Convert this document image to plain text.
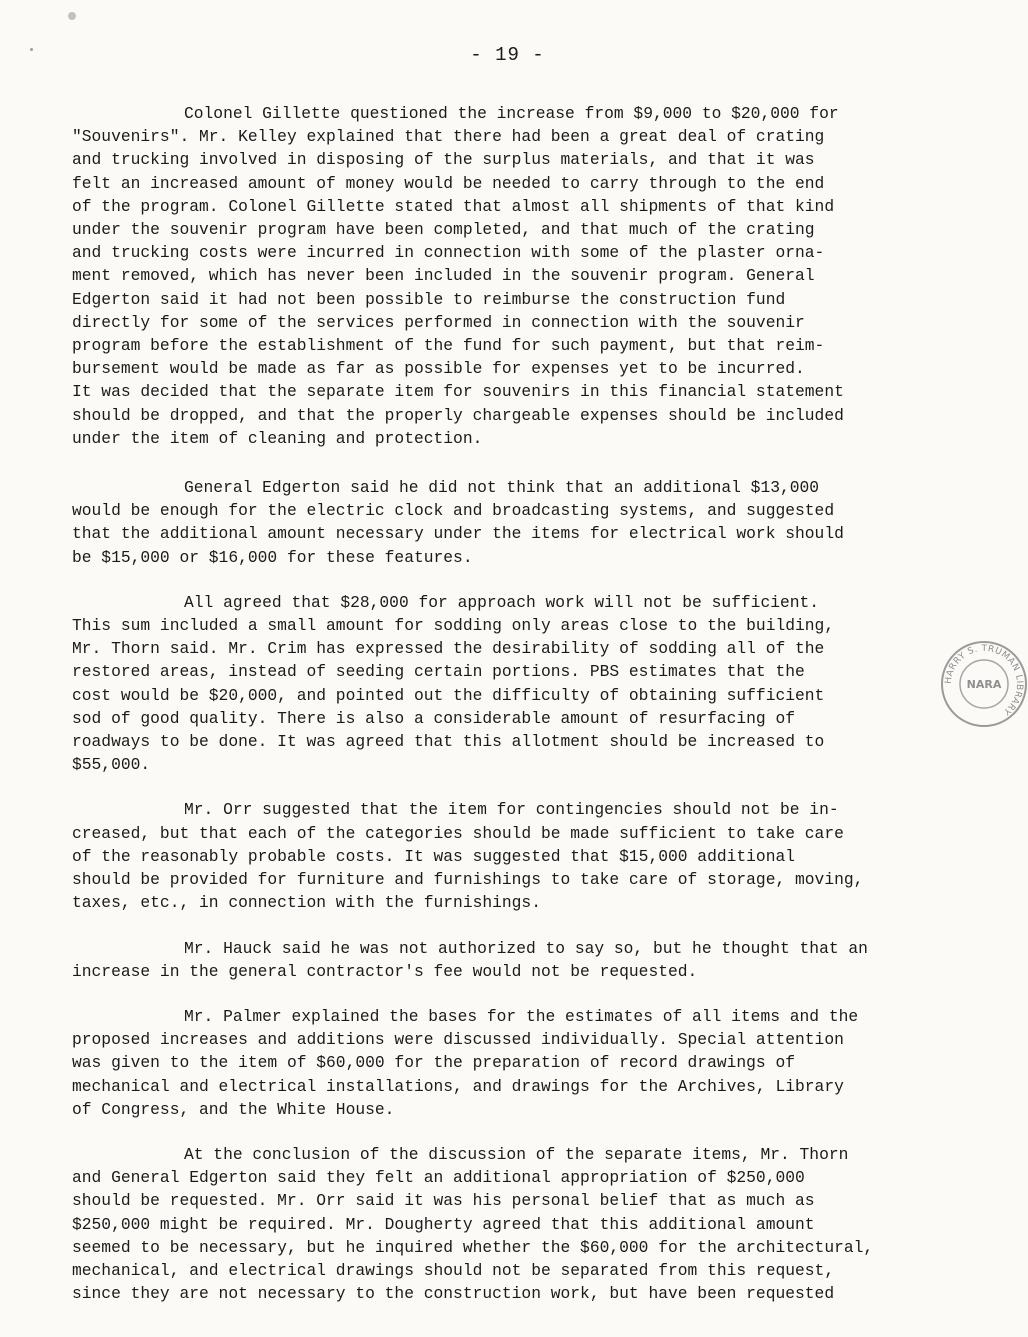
- 19 -
Colonel Gillette questioned the increase from $9,000 to $20,000 for
"Souvenirs". Mr. Kelley explained that there had been a great deal of crating
and trucking involved in disposing of the surplus materials, and that it was
felt an increased amount of money would be needed to carry through to the end
of the program. Colonel Gillette stated that almost all shipments of that kind
under the souvenir program have been completed, and that much of the crating
and trucking costs were incurred in connection with some of the plaster orna-
ment removed, which has never been included in the souvenir program. General
Edgerton said it had not been possible to reimburse the construction fund
directly for some of the services performed in connection with the souvenir
program before the establishment of the fund for such payment, but that reim-
bursement would be made as far as possible for expenses yet to be incurred.
It was decided that the separate item for souvenirs in this financial statement
should be dropped, and that the properly chargeable expenses should be included
under the item of cleaning and protection.
General Edgerton said he did not think that an additional $13,000
would be enough for the electric clock and broadcasting systems, and suggested
that the additional amount necessary under the items for electrical work should
be $15,000 or $16,000 for these features.
All agreed that $28,000 for approach work will not be sufficient.
This sum included a small amount for sodding only areas close to the building,
Mr. Thorn said. Mr. Crim has expressed the desirability of sodding all of the
restored areas, instead of seeding certain portions. PBS estimates that the
cost would be $20,000, and pointed out the difficulty of obtaining sufficient
sod of good quality. There is also a considerable amount of resurfacing of
roadways to be done. It was agreed that this allotment should be increased to
$55,000.
Mr. Orr suggested that the item for contingencies should not be in-
creased, but that each of the categories should be made sufficient to take care
of the reasonably probable costs. It was suggested that $15,000 additional
should be provided for furniture and furnishings to take care of storage, moving,
taxes, etc., in connection with the furnishings.
Mr. Hauck said he was not authorized to say so, but he thought that an
increase in the general contractor's fee would not be requested.
Mr. Palmer explained the bases for the estimates of all items and the
proposed increases and additions were discussed individually. Special attention
was given to the item of $60,000 for the preparation of record drawings of
mechanical and electrical installations, and drawings for the Archives, Library
of Congress, and the White House.
At the conclusion of the discussion of the separate items, Mr. Thorn
and General Edgerton said they felt an additional appropriation of $250,000
should be requested. Mr. Orr said it was his personal belief that as much as
$250,000 might be required. Mr. Dougherty agreed that this additional amount
seemed to be necessary, but he inquired whether the $60,000 for the architectural,
mechanical, and electrical drawings should not be separated from this request,
since they are not necessary to the construction work, but have been requested
HARRY S. TRUMAN LIBRARY
NARA
